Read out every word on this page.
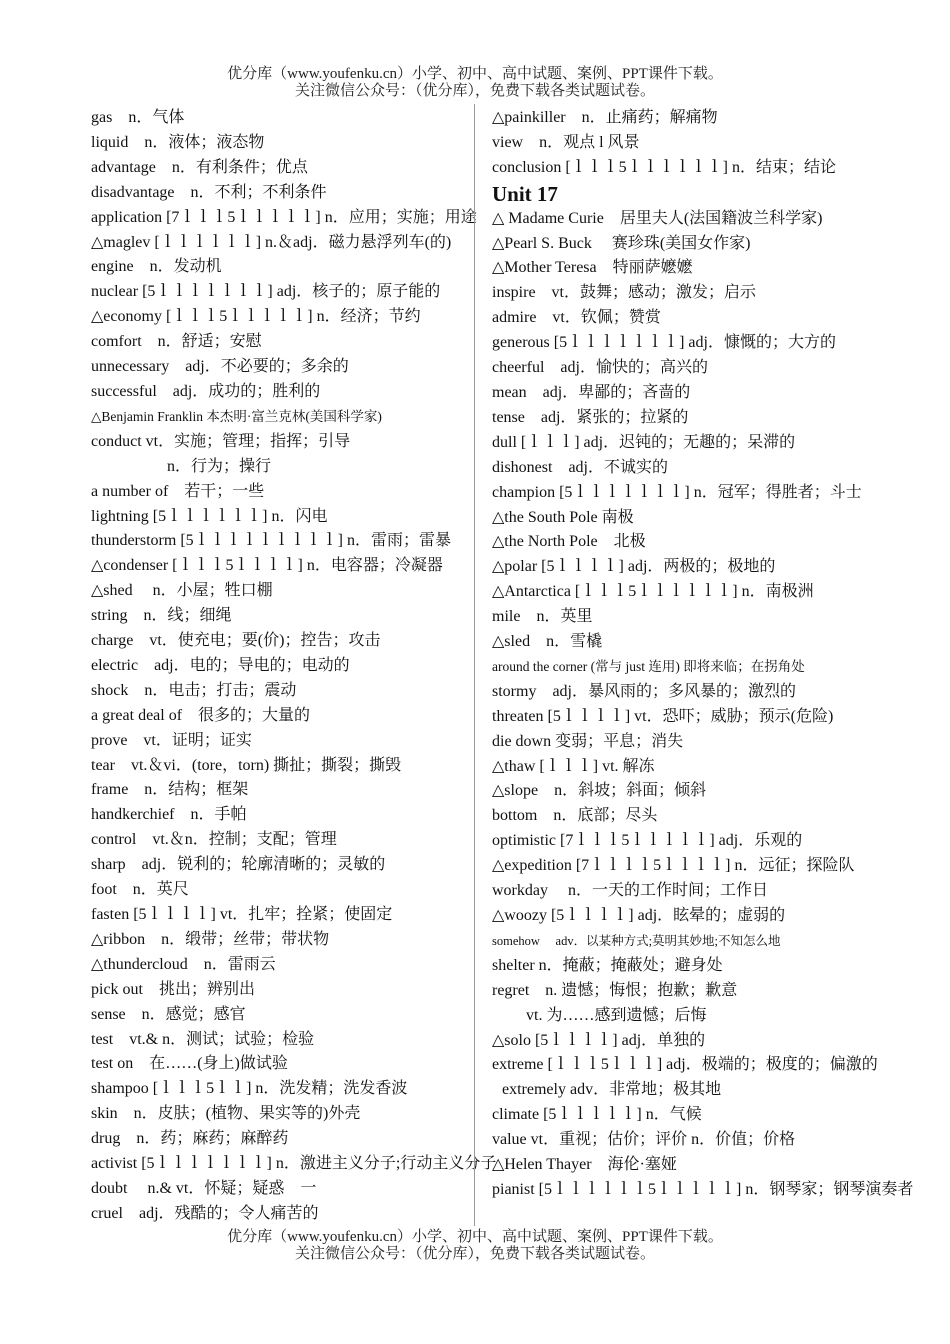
优分库（www.youfenku.cn）小学、初中、高中试题、案例、PPT课件下载。
关注微信公众号：（优分库），免费下载各类试题试卷。
gas　n．气体
liquid　n．液体；液态物
advantage　n．有利条件；优点
disadvantage　n．不利；不利条件
application [7ｌｌｌ5ｌｌｌｌｌ] n．应用；实施；用途
△maglev [ｌｌｌｌｌｌ] n.＆adj．磁力悬浮列车(的)
engine　n．发动机
nuclear [5ｌｌｌｌｌｌｌ] adj．核子的；原子能的
△economy [ｌｌｌ5ｌｌｌｌｌ] n．经济；节约
comfort　n．舒适；安慰
unnecessary　adj．不必要的；多余的
successful　adj．成功的；胜利的
△Benjamin Franklin 本杰明·富兰克林(美国科学家)
conduct vt．实施；管理；指挥；引导
n．行为；操行
a number of　若干；一些
lightning [5ｌｌｌｌｌｌ] n．闪电
thunderstorm [5ｌｌｌｌｌｌｌｌｌ] n．雷雨；雷暴
△condenser [ｌｌｌ5ｌｌｌｌ] n．电容器；冷凝器
△shed　 n．小屋；牲口棚
string　n．线；细绳
charge　vt．使充电；要(价)；控告；攻击
electric　adj．电的；导电的；电动的
shock　n．电击；打击；震动
a great deal of　很多的；大量的
prove　vt．证明；证实
tear　vt.＆vi．(tore，torn) 撕扯；撕裂；撕毁
frame　n．结构；框架
handkerchief　n．手帕
control　vt.＆n．控制；支配；管理
sharp　adj．锐利的；轮廓清晰的；灵敏的
foot　n．英尺
fasten [5ｌｌｌｌ] vt．扎牢；拴紧；使固定
△ribbon　n．缎带；丝带；带状物
△thundercloud　n．雷雨云
pick out　挑出；辨别出
sense　n．感觉；感官
test　vt.& n．测试；试验；检验
test on　在……(身上)做试验
shampoo [ｌｌｌ5ｌｌ] n．洗发精；洗发香波
skin　n．皮肤；(植物、果实等的)外壳
drug　n．药；麻药；麻醉药
activist [5ｌｌｌｌｌｌｌ] n．激进主义分子;行动主义分子
doubt　 n.& vt．怀疑；疑惑　一
cruel　adj．残酷的；令人痛苦的
△painkiller　n．止痛药；解痛物
view　n．观点 l 风景
conclusion [ｌｌｌ5ｌｌｌｌｌｌ] n．结束；结论
Unit 17
△ Madame Curie　居里夫人(法国籍波兰科学家)
△Pearl S. Buck　 赛珍珠(美国女作家)
△Mother Teresa　特丽萨嬷嬷
inspire　vt．鼓舞；感动；激发；启示
admire　vt．钦佩；赞赏
generous [5ｌｌｌｌｌｌｌ] adj．慷慨的；大方的
cheerful　adj．愉快的；高兴的
mean　adj．卑鄙的；吝啬的
tense　adj．紧张的；拉紧的
dull [ｌｌｌ] adj．迟钝的；无趣的；呆滞的
dishonest　adj．不诚实的
champion [5ｌｌｌｌｌｌｌ] n．冠军；得胜者；斗士
△the South Pole 南极
△the North Pole　北极
△polar [5ｌｌｌｌ] adj．两极的；极地的
△Antarctica [ｌｌｌ5ｌｌｌｌｌｌ] n．南极洲
mile　n．英里
△sled　n．雪橇
around the corner (常与 just 连用) 即将来临；在拐角处
stormy　adj．暴风雨的；多风暴的；激烈的
threaten [5ｌｌｌｌ] vt．恐吓；威胁；预示(危险)
die down 变弱；平息；消失
△thaw [ｌｌｌ] vt. 解冻
△slope　n．斜坡；斜面；倾斜
bottom　n．底部；尽头
optimistic [7ｌｌｌ5ｌｌｌｌｌ] adj．乐观的
△expedition [7ｌｌｌｌ5ｌｌｌｌ] n．远征；探险队
workday　 n．一天的工作时间；工作日
△woozy [5ｌｌｌｌ] adj．眩晕的；虚弱的
somehow　 adv．以某种方式;莫明其妙地;不知怎么地
shelter n．掩蔽；掩蔽处；避身处
regret　n. 遗憾；悔恨；抱歉；歉意
vt. 为……感到遗憾；后悔
△solo [5ｌｌｌｌ] adj．单独的
extreme [ｌｌｌ5ｌｌｌ] adj．极端的；极度的；偏激的
extremely adv．非常地；极其地
climate [5ｌｌｌｌｌ] n．气候
value vt．重视；估价；评价 n．价值；价格
△Helen Thayer　海伦·塞娅
pianist [5ｌｌｌｌｌｌ5ｌｌｌｌｌ] n．钢琴家；钢琴演奏者
优分库（www.youfenku.cn）小学、初中、高中试题、案例、PPT课件下载。
关注微信公众号：（优分库），免费下载各类试题试卷。
